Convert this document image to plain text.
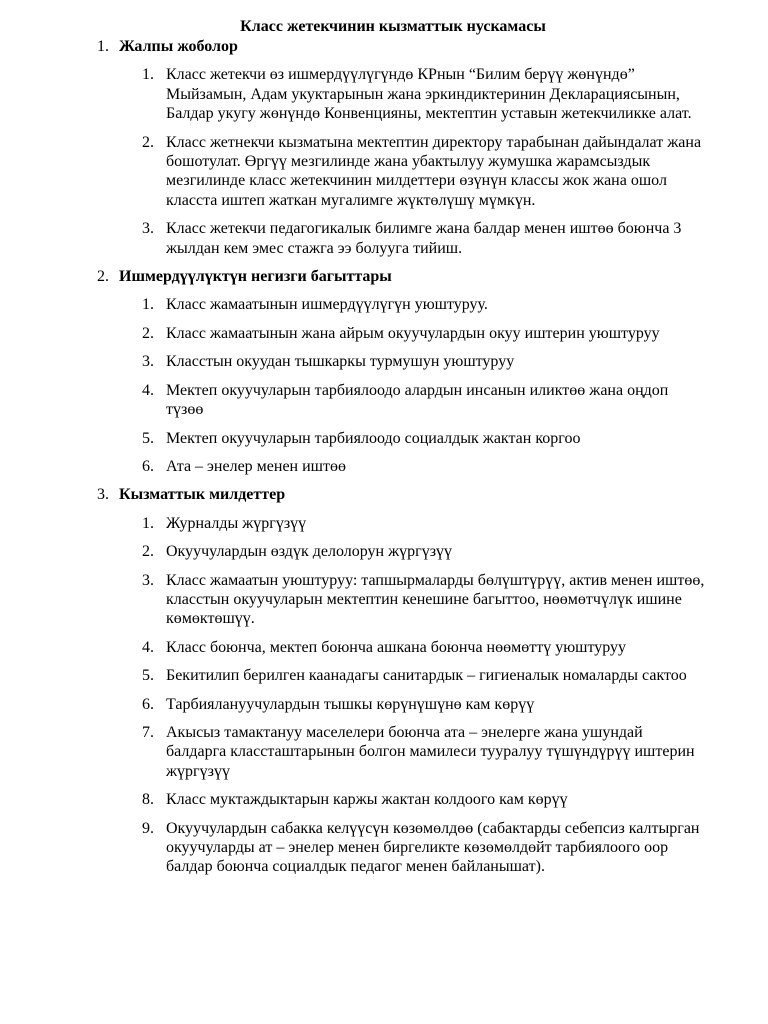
Класс жетекчинин кызматтык нускамасы
1. Жалпы жоболор
1. Класс жетекчи өз ишмердүүлүгүндө КРнын “Билим берүү жөнүндө” Мыйзамын, Адам укуктарынын жана эркиндиктеринин Декларациясынын, Балдар укугу жөнүндө Конвенцияны, мектептин уставын жетекчиликке алат.
2. Класс жетнекчи кызматына мектептин директору тарабынан дайындалат жана бошотулат. Өргүү мезгилинде жана убактылуу жумушка жарамсыздык мезгилинде класс жетекчинин милдеттери өзүнүн классы жок жана ошол класста иштеп жаткан мугалимге жүктөлүшү мүмкүн.
3. Класс жетекчи педагогикалык билимге жана балдар менен иштөө боюнча 3 жылдан кем эмес стажга ээ болууга тийиш.
2. Ишмердүүлүктүн негизги багыттары
1. Класс жамаатынын ишмердүүлүгүн уюштуруу.
2. Класс жамаатынын жана айрым окуучулардын окуу иштерин уюштуруу
3. Класстын окуудан тышкаркы турмушун уюштуруу
4. Мектеп окуучуларын тарбиялоодо алардын инсанын иликтөө жана оңдоп түзөө
5. Мектеп окуучуларын тарбиялоодо социалдык жактан коргоо
6. Ата – энелер менен иштөө
3. Кызматтык милдеттер
1. Журналды жүргүзүү
2. Окуучулардын өздүк делолорун жүргүзүү
3. Класс жамаатын уюштуруу: тапшырмаларды бөлүштүрүү, актив менен иштөө, класстын окуучуларын мектептин кенешине багыттоо, нөөмөтчүлүк ишине көмөктөшүү.
4. Класс боюнча, мектеп боюнча ашкана боюнча нөөмөттү уюштуруу
5. Бекитилип берилген каанадагы санитардык – гигиеналык номаларды сактоо
6. Тарбиялануучулардын тышкы көрүнүшүнө кам көрүү
7. Акысыз тамактануу маселелери боюнча ата – энелерге жана ушундай балдарга классташтарынын болгон мамилеси тууралуу түшүндүрүү иштерин жүргүзүү
8. Класс муктаждыктарын каржы жактан колдоого кам көрүү
9. Окуучулардын сабакка келүүсүн көзөмөлдөө (сабактарды себепсиз калтырган окуучуларды ат – энелер менен биргеликте көзөмөлдөйт тарбиялоого оор балдар боюнча социалдык педагог менен байланышат).
